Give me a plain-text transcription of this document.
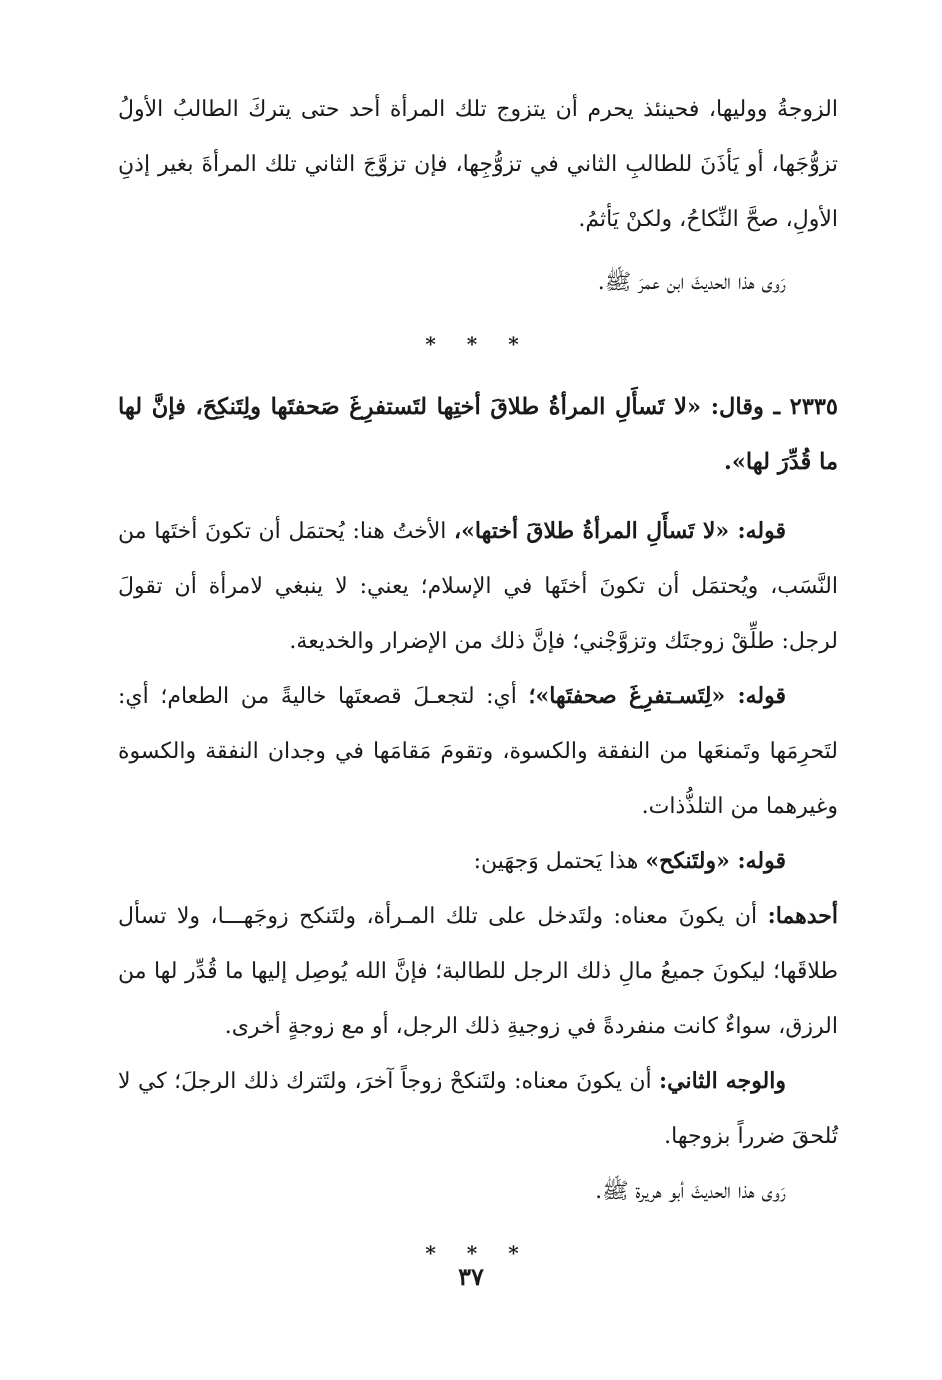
الزوجةُ ووليها، فحينئذ يحرم أن يتزوج تلك المرأة أحد حتى يتركَ الطالبُ الأولُ تزوُّجَها، أو يَأذَنَ للطالبِ الثاني في تزوُّجِها، فإن تزوَّجَ الثاني تلك المرأةَ بغير إذنِ الأولِ، صحَّ النِّكاحُ، ولكنْ يَأثمُ.

رَوى هذا الحديثَ ابن عمرَ ﷺ.

* * *

٢٣٣٥ ـ وقال: «لا تَسأَلِ المرأةُ طلاقَ أختِها لتَستفرِغَ صَحفتَها ولِتَنكِحَ، فإنَّ لها ما قُدِّرَ لها».

قوله: «لا تَسأَلِ المرأةُ طلاقَ أختها»، الأختُ هنا: يُحتمَل أن تكونَ أختَها من النَّسَب، ويُحتمَل أن تكونَ أختَها في الإسلام؛ يعني: لا ينبغي لامرأة أن تقولَ لرجل: طلِّقْ زوجتَك وتزوَّجْني؛ فإنَّ ذلك من الإضرار والخديعة.

قوله: «لِتَسـتفرِغَ صحفتَها»؛ أي: لتجعـلَ قصعتَها خاليةً من الطعام؛ أي: لتَحرِمَها وتَمنعَها من النفقة والكسوة، وتقومَ مَقامَها في وجدان النفقة والكسوة وغيرهما من التلذُّذات.

قوله: «ولتَنكح» هذا يَحتمل وَجهَين:

أحدهما: أن يكونَ معناه: ولتَدخل على تلك المـرأة، ولتَنكح زوجَهـــا، ولا تسأل طلاقَها؛ ليكونَ جميعُ مالِ ذلك الرجل للطالبة؛ فإنَّ الله يُوصِل إليها ما قُدِّر لها من الرزق، سواءٌ كانت منفردةً في زوجيةِ ذلك الرجل، أو مع زوجةٍ أخرى.

والوجه الثاني: أن يكونَ معناه: ولتَنكحْ زوجاً آخرَ، ولتَترك ذلك الرجلَ؛ كي لا تُلحقَ ضرراً بزوجها.

رَوى هذا الحديثَ أبو هريرة ﷺ.

* * *
٣٧
